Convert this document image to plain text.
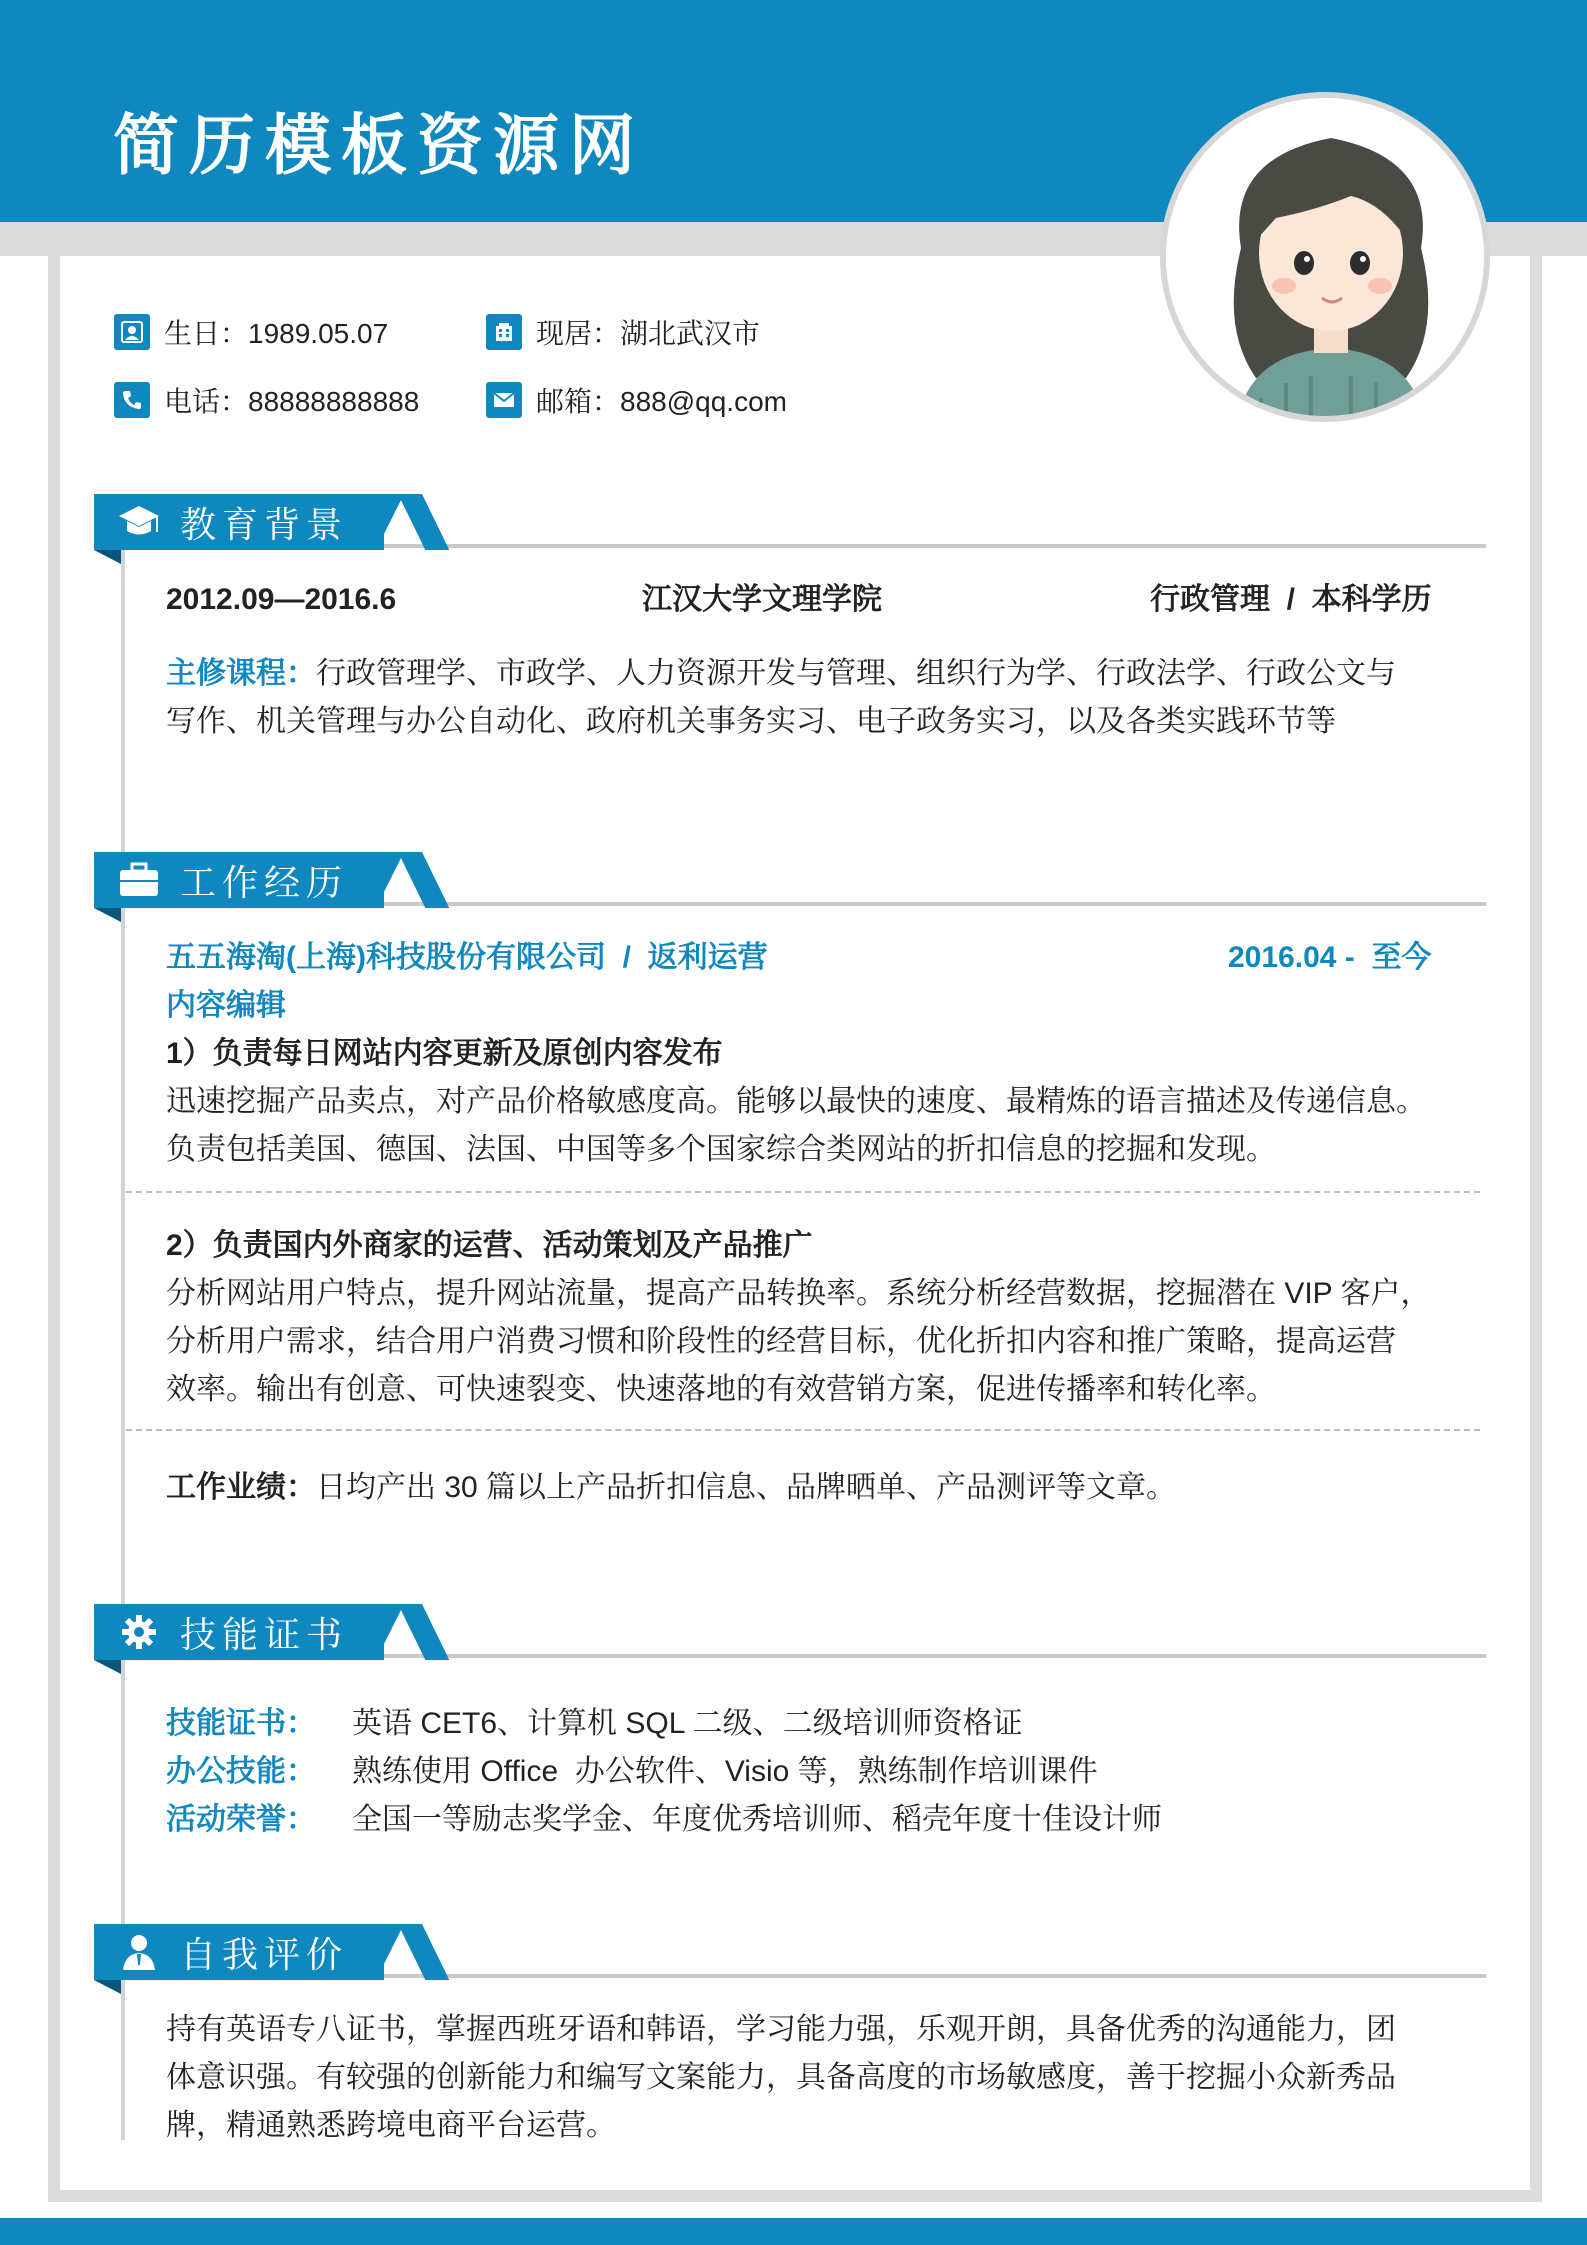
简历模板资源网
生日：1989.05.07	现居：湖北武汉市
电话：88888888888	邮箱：888@qq.com
教育背景
2012.09—2016.6	江汉大学文理学院	行政管理  /  本科学历
主修课程：行政管理学、市政学、人力资源开发与管理、组织行为学、行政法学、行政公文与
写作、机关管理与办公自动化、政府机关事务实习、电子政务实习，以及各类实践环节等
工作经历
五五海淘(上海)科技股份有限公司  /  返利运营	2016.04 -  至今
内容编辑
1）负责每日网站内容更新及原创内容发布
迅速挖掘产品卖点，对产品价格敏感度高。能够以最快的速度、最精炼的语言描述及传递信息。
负责包括美国、德国、法国、中国等多个国家综合类网站的折扣信息的挖掘和发现。
2）负责国内外商家的运营、活动策划及产品推广
分析网站用户特点，提升网站流量，提高产品转换率。系统分析经营数据，挖掘潜在 VIP 客户，
分析用户需求，结合用户消费习惯和阶段性的经营目标，优化折扣内容和推广策略，提高运营
效率。输出有创意、可快速裂变、快速落地的有效营销方案，促进传播率和转化率。
工作业绩：日均产出 30 篇以上产品折扣信息、品牌晒单、产品测评等文章。
技能证书
技能证书：	英语 CET6、计算机 SQL 二级、二级培训师资格证
办公技能：	熟练使用 Office  办公软件、Visio 等，熟练制作培训课件
活动荣誉：	全国一等励志奖学金、年度优秀培训师、稻壳年度十佳设计师
自我评价
持有英语专八证书，掌握西班牙语和韩语，学习能力强，乐观开朗，具备优秀的沟通能力，团
体意识强。有较强的创新能力和编写文案能力，具备高度的市场敏感度，善于挖掘小众新秀品
牌，精通熟悉跨境电商平台运营。
